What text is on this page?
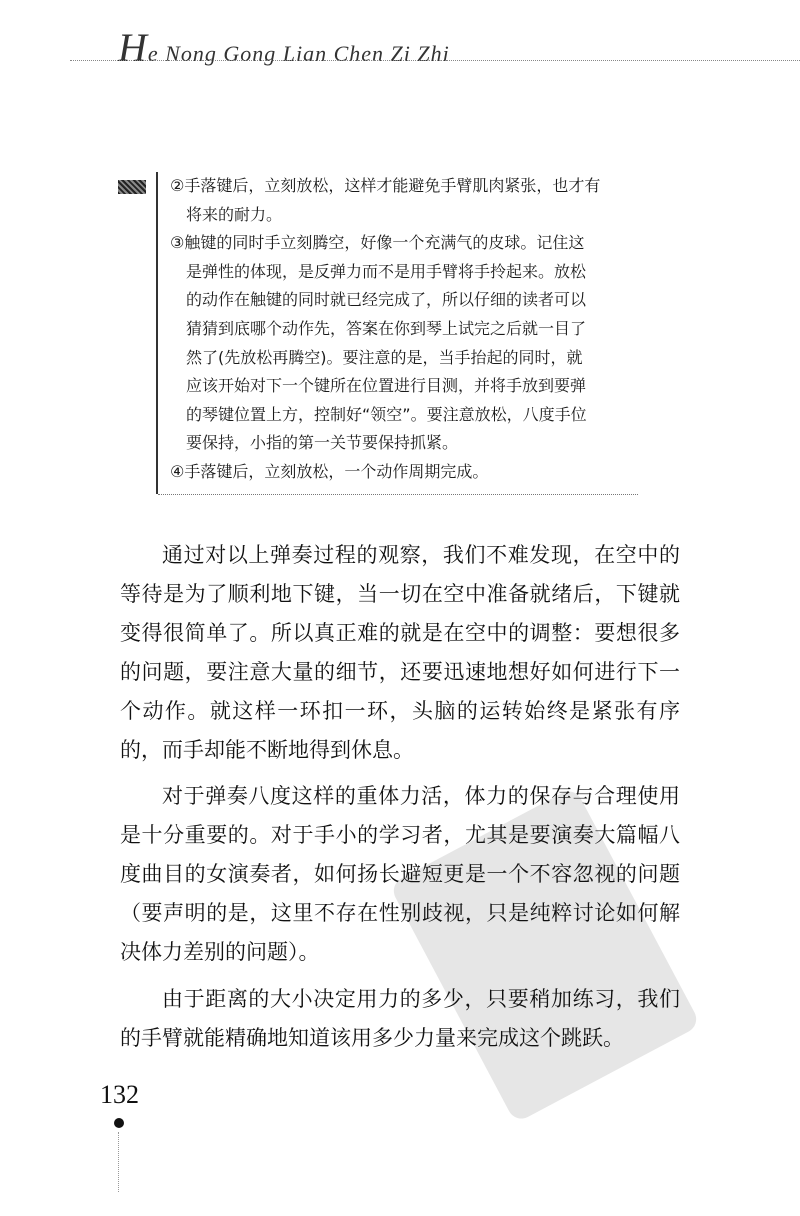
He Nong Gong Lian Chen Zi Zhi

②手落键后，立刻放松，这样才能避免手臂肌肉紧张，也才有

将来的耐力。

③触键的同时手立刻腾空，好像一个充满气的皮球。记住这

是弹性的体现，是反弹力而不是用手臂将手拎起来。放松

的动作在触键的同时就已经完成了，所以仔细的读者可以

猜猜到底哪个动作先，答案在你到琴上试完之后就一目了

然了(先放松再腾空)。要注意的是，当手抬起的同时，就

应该开始对下一个键所在位置进行目测，并将手放到要弹

的琴键位置上方，控制好“领空”。要注意放松，八度手位

要保持，小指的第一关节要保持抓紧。

④手落键后，立刻放松，一个动作周期完成。

通过对以上弹奏过程的观察，我们不难发现，在空中的等待是为了顺利地下键，当一切在空中准备就绪后，下键就变得很简单了。所以真正难的就是在空中的调整：要想很多的问题，要注意大量的细节，还要迅速地想好如何进行下一个动作。就这样一环扣一环，头脑的运转始终是紧张有序的，而手却能不断地得到休息。

对于弹奏八度这样的重体力活，体力的保存与合理使用是十分重要的。对于手小的学习者，尤其是要演奏大篇幅八度曲目的女演奏者，如何扬长避短更是一个不容忽视的问题（要声明的是，这里不存在性别歧视，只是纯粹讨论如何解决体力差别的问题）。

由于距离的大小决定用力的多少，只要稍加练习，我们的手臂就能精确地知道该用多少力量来完成这个跳跃。

132
